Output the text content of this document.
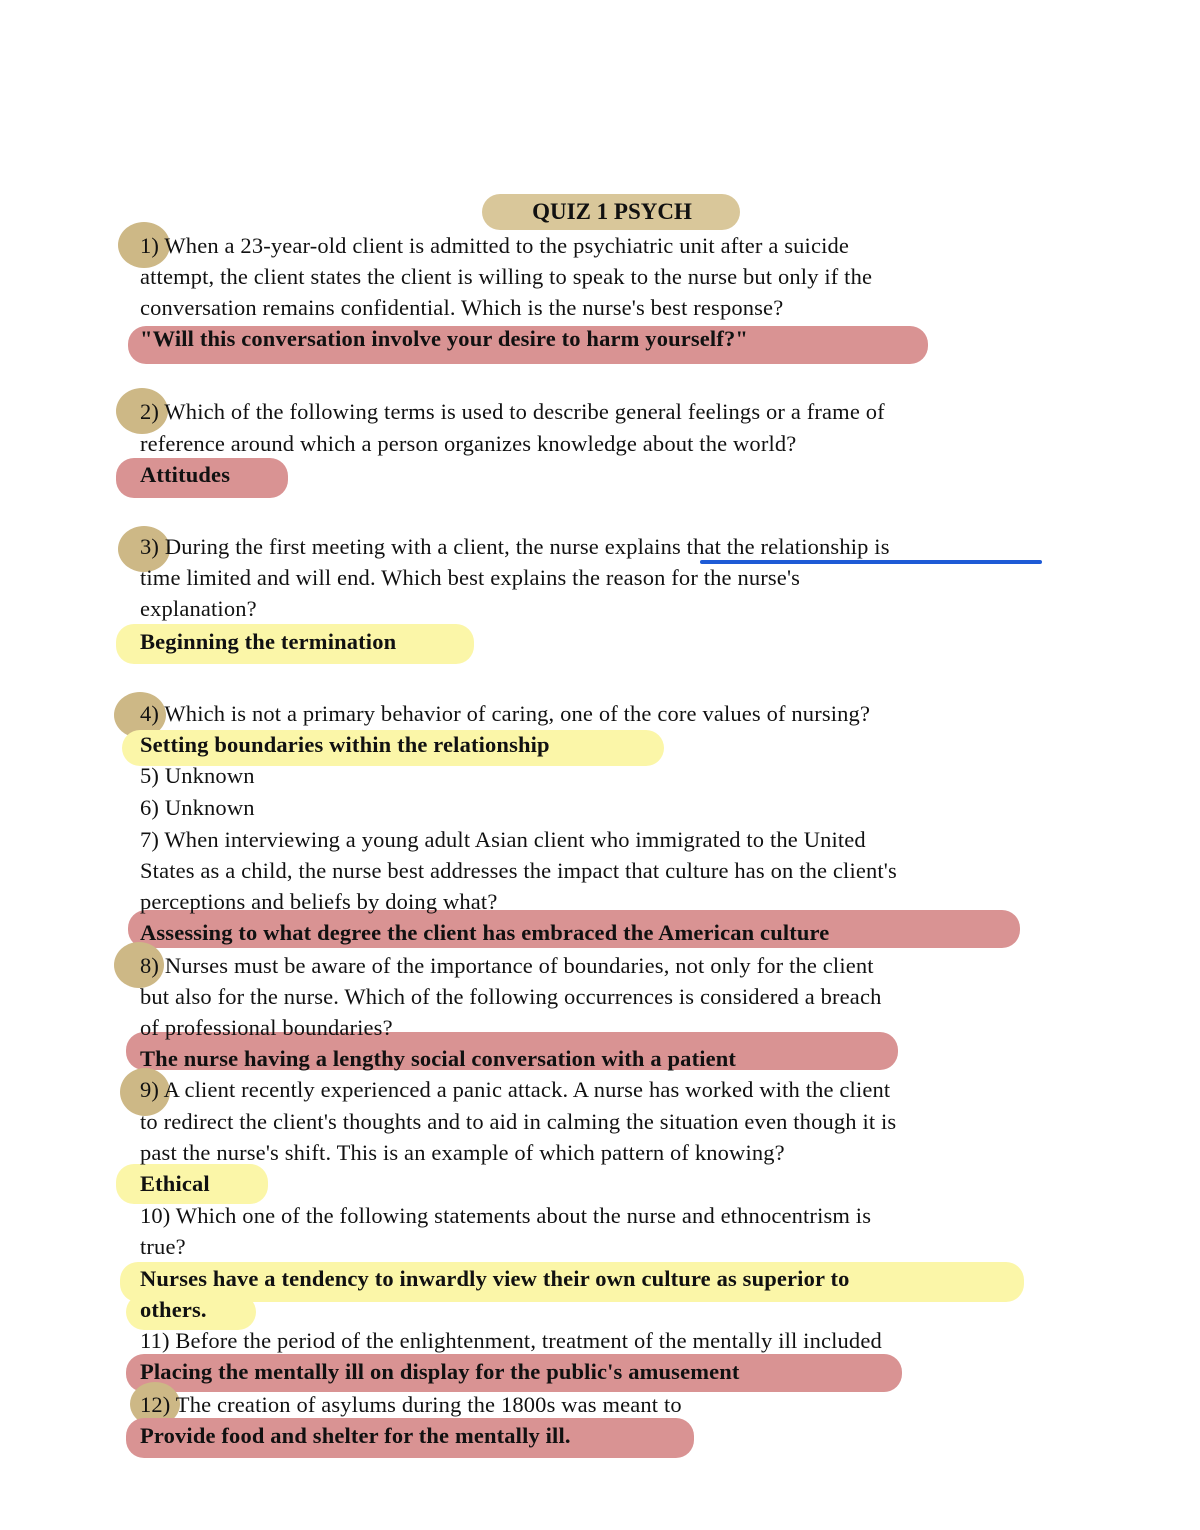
QUIZ 1 PSYCH
1) When a 23-year-old client is admitted to the psychiatric unit after a suicide
attempt, the client states the client is willing to speak to the nurse but only if the
conversation remains confidential. Which is the nurse's best response?
"Will this conversation involve your desire to harm yourself?"
2) Which of the following terms is used to describe general feelings or a frame of
reference around which a person organizes knowledge about the world?
Attitudes
3) During the first meeting with a client, the nurse explains that the relationship is
time limited and will end. Which best explains the reason for the nurse's
explanation?
Beginning the termination
4) Which is not a primary behavior of caring, one of the core values of nursing?
Setting boundaries within the relationship
5) Unknown
6) Unknown
7) When interviewing a young adult Asian client who immigrated to the United
States as a child, the nurse best addresses the impact that culture has on the client's
perceptions and beliefs by doing what?
Assessing to what degree the client has embraced the American culture
8) Nurses must be aware of the importance of boundaries, not only for the client
but also for the nurse. Which of the following occurrences is considered a breach
of professional boundaries?
The nurse having a lengthy social conversation with a patient
9) A client recently experienced a panic attack. A nurse has worked with the client
to redirect the client's thoughts and to aid in calming the situation even though it is
past the nurse's shift. This is an example of which pattern of knowing?
Ethical
10) Which one of the following statements about the nurse and ethnocentrism is
true?
Nurses have a tendency to inwardly view their own culture as superior to
others.
11) Before the period of the enlightenment, treatment of the mentally ill included
Placing the mentally ill on display for the public's amusement
12) The creation of asylums during the 1800s was meant to
Provide food and shelter for the mentally ill.
